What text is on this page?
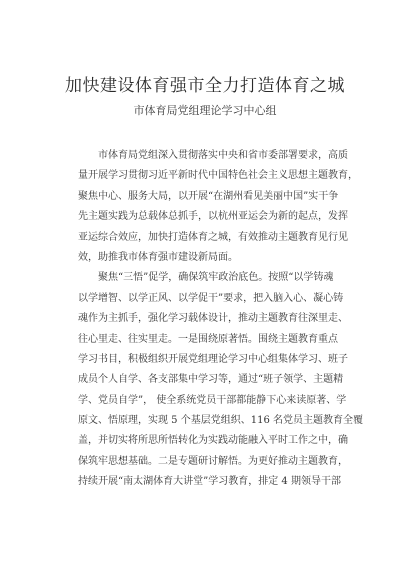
加快建设体育强市全力打造体育之城
市体育局党组理论学习中心组
　　市体育局党组深入贯彻落实中央和省市委部署要求，高质
量开展学习贯彻习近平新时代中国特色社会主义思想主题教育，
聚焦中心、服务大局，以开展“在湖州看见美丽中国”实干争
先主题实践为总载体总抓手，以杭州亚运会为新的起点，发挥
亚运综合效应，加快打造体育之城，有效推动主题教育见行见
效，助推我市体育强市建设新局面。
　　聚焦“三悟”促学，确保筑牢政治底色。按照“以学铸魂
以学增智、以学正风、以学促干”要求，把入脑入心、凝心铸
魂作为主抓手，强化学习载体设计，推动主题教育往深里走、
往心里走、往实里走。一是围绕原著悟。围绕主题教育重点
学习书目，积极组织开展党组理论学习中心组集体学习、班子
成员个人自学、各支部集中学习等，通过“班子领学、主题精
学、党员自学”， 使全系统党员干部都能静下心来读原著、学
原文、悟原理，实现 5 个基层党组织、116 名党员主题教育全覆
盖，并切实将所思所悟转化为实践动能融入平时工作之中，确
保筑牢思想基础。二是专题研讨解悟。为更好推动主题教育，
持续开展“南太湖体育大讲堂”学习教育，排定 4 期领导干部
